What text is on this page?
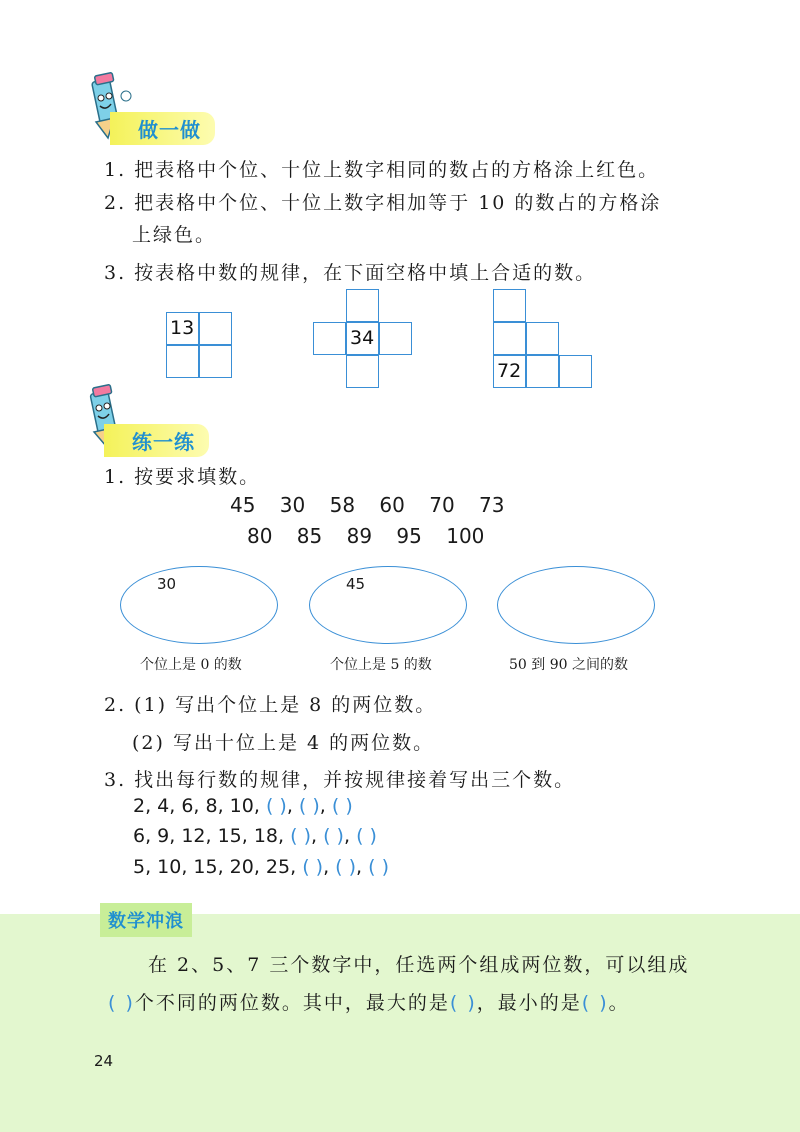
做一做
1. 把表格中个位、十位上数字相同的数占的方格涂上红色。
2. 把表格中个位、十位上数字相加等于 10 的数占的方格涂
上绿色。
3. 按表格中数的规律，在下面空格中填上合适的数。
13	34
72
练一练
1. 按要求填数。
45 30 58 60 70 73
80 85 89 95 100
30	45
个位上是 0 的数	个位上是 5 的数	50 到 90 之间的数
2. (1) 写出个位上是 8 的两位数。
(2) 写出十位上是 4 的两位数。
3. 找出每行数的规律，并按规律接着写出三个数。
2, 4, 6, 8, 10, ( ), ( ), ( )
6, 9, 12, 15, 18, ( ), ( ), ( )
5, 10, 15, 20, 25, ( ), ( ), ( )
数学冲浪
在 2、5、7 三个数字中，任选两个组成两位数，可以组成
( )个不同的两位数。其中，最大的是( )，最小的是( )。
24
